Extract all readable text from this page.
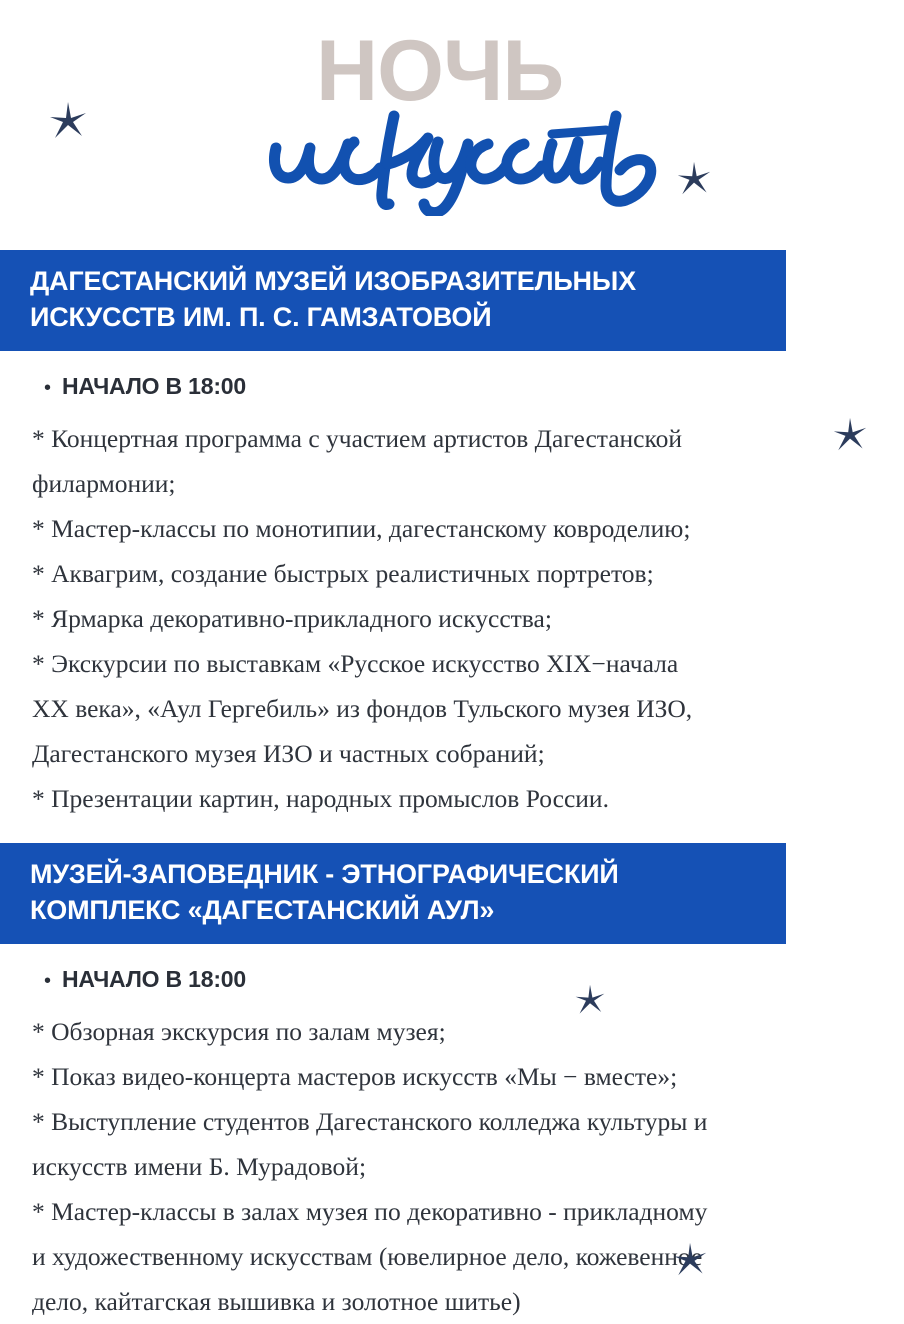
НОЧЬ
ДАГЕСТАНСКИЙ МУЗЕЙ ИЗОБРАЗИТЕЛЬНЫХ
ИСКУССТВ ИМ. П. С. ГАМЗАТОВОЙ
• НАЧАЛО В 18:00
* Концертная программа с участием артистов Дагестанской
филармонии;
* Мастер-классы по монотипии, дагестанскому ковроделию;
* Аквагрим, создание быстрых реалистичных портретов;
* Ярмарка декоративно-прикладного искусства;
* Экскурсии по выставкам «Русское искусство XIX−начала
XX века», «Аул Гергебиль» из фондов Тульского музея ИЗО,
Дагестанского музея ИЗО и частных собраний;
* Презентации картин, народных промыслов России.
МУЗЕЙ-ЗАПОВЕДНИК - ЭТНОГРАФИЧЕСКИЙ
КОМПЛЕКС «ДАГЕСТАНСКИЙ АУЛ»
• НАЧАЛО В 18:00
* Обзорная экскурсия по залам музея;
* Показ видео-концерта мастеров искусств «Мы − вместе»;
* Выступление студентов Дагестанского колледжа культуры и
искусств имени Б. Мурадовой;
* Мастер-классы в залах музея по декоративно - прикладному
и художественному искусствам (ювелирное дело, кожевенное
дело, кайтагская вышивка и золотное шитье)
